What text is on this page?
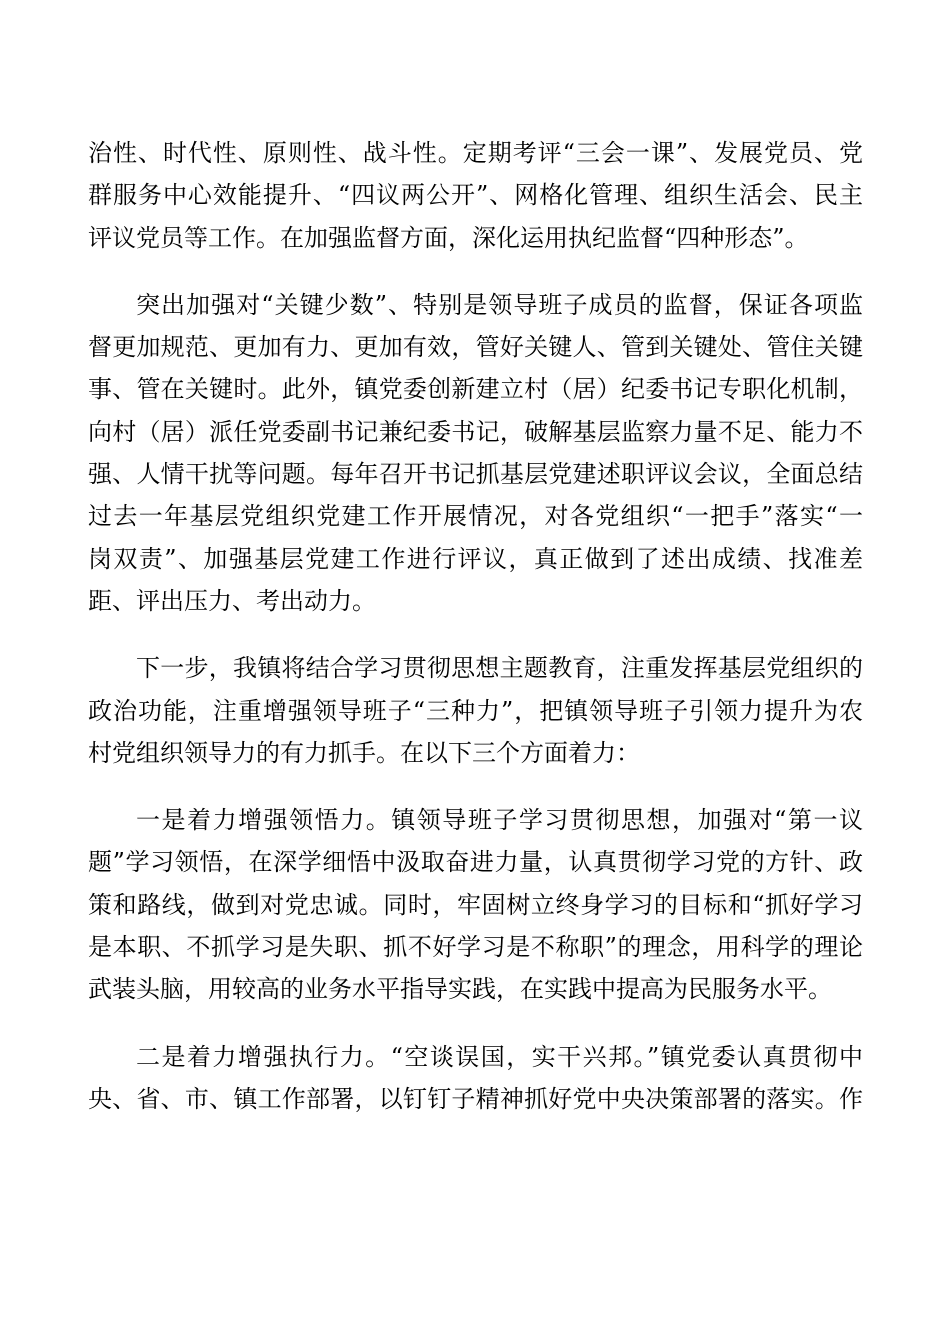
治性、时代性、原则性、战斗性。定期考评“三会一课”、发展党员、党
群服务中心效能提升、“四议两公开”、网格化管理、组织生活会、民主
评议党员等工作。在加强监督方面，深化运用执纪监督“四种形态”。
突出加强对“关键少数”、特别是领导班子成员的监督，保证各项监
督更加规范、更加有力、更加有效，管好关键人、管到关键处、管住关键
事、管在关键时。此外，镇党委创新建立村（居）纪委书记专职化机制，
向村（居）派任党委副书记兼纪委书记，破解基层监察力量不足、能力不
强、人情干扰等问题。每年召开书记抓基层党建述职评议会议，全面总结
过去一年基层党组织党建工作开展情况，对各党组织“一把手”落实“一
岗双责”、加强基层党建工作进行评议，真正做到了述出成绩、找准差
距、评出压力、考出动力。
下一步，我镇将结合学习贯彻思想主题教育，注重发挥基层党组织的
政治功能，注重增强领导班子“三种力”，把镇领导班子引领力提升为农
村党组织领导力的有力抓手。在以下三个方面着力：
一是着力增强领悟力。镇领导班子学习贯彻思想，加强对“第一议
题”学习领悟，在深学细悟中汲取奋进力量，认真贯彻学习党的方针、政
策和路线，做到对党忠诚。同时，牢固树立终身学习的目标和“抓好学习
是本职、不抓学习是失职、抓不好学习是不称职”的理念，用科学的理论
武装头脑，用较高的业务水平指导实践，在实践中提高为民服务水平。
二是着力增强执行力。“空谈误国，实干兴邦。”镇党委认真贯彻中
央、省、市、镇工作部署，以钉钉子精神抓好党中央决策部署的落实。作
